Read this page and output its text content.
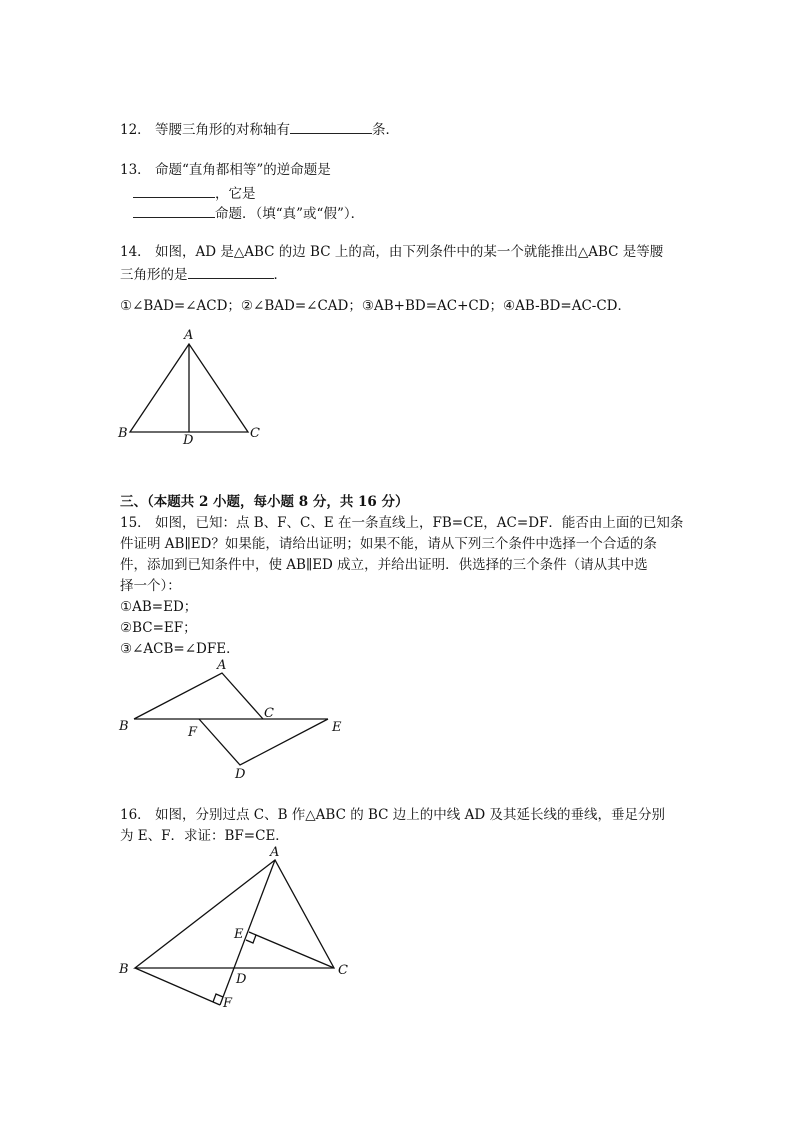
12． 等腰三角形的对称轴有	条．
13． 命题“直角都相等”的逆命题是
，它是
命题．（填“真”或“假”）．
14． 如图，AD 是△ABC 的边 BC 上的高，由下列条件中的某一个就能推出△ABC 是等腰
三角形的是	．
①∠BAD=∠ACD；②∠BAD=∠CAD；③AB+BD=AC+CD；④AB-BD=AC-CD．
A
B	D	C
三、（本题共 2 小题，每小题 8 分，共 16 分）
15． 如图，已知：点 B、F、C、E 在一条直线上，FB=CE，AC=DF．能否由上面的已知条
件证明 AB∥ED？如果能，请给出证明；如果不能，请从下列三个条件中选择一个合适的条
件，添加到已知条件中，使 AB∥ED 成立，并给出证明．供选择的三个条件（请从其中选
择一个）：
①AB=ED；
②BC=EF；
③∠ACB=∠DFE．
A
B
C
E
F
D
16． 如图，分别过点 C、B 作△ABC 的 BC 边上的中线 AD 及其延长线的垂线，垂足分别
为 E、F．求证：BF=CE．
A
E
B
D
C
F
